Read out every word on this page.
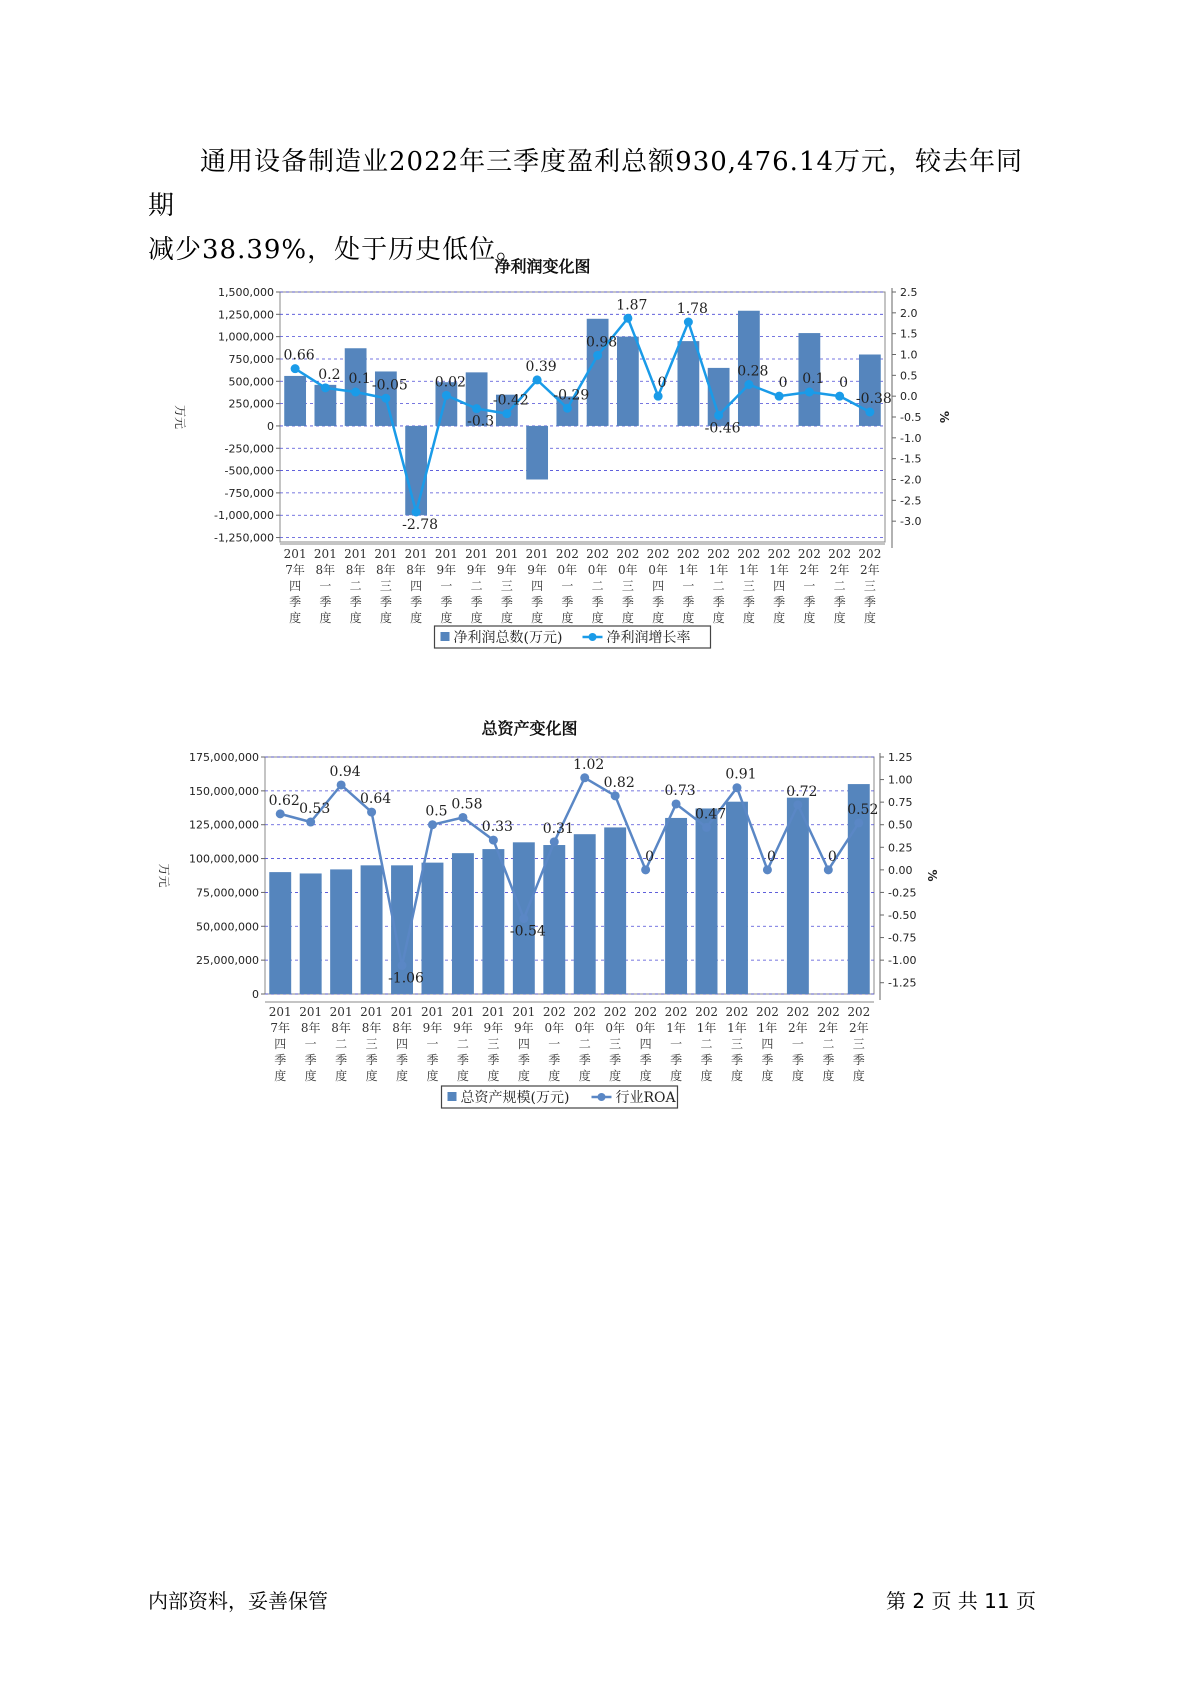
通用设备制造业2022年三季度盈利总额930,476.14万元，较去年同期

减少38.39%，处于历史低位。

净利润变化图
1,500,000
1,250,000
1,000,000
750,000
500,000
250,000
0
-250,000
-500,000
-750,000
-1,000,000
-1,250,000
2.5
2.0
1.5
1.0
0.5
0.0
-0.5
-1.0
-1.5
-2.0
-2.5
-3.0
万元	%
201 7年四季度
201 8年一季度
201 8年二季度
201 8年三季度
201 8年四季度
201 9年一季度
201 9年二季度
201 9年三季度
201 9年四季度
202 0年一季度
202 0年二季度
202 0年三季度
202 0年四季度
202 1年一季度
202 1年二季度
202 1年三季度
202 1年四季度
202 2年一季度
202 2年二季度
202 2年三季度
0.66
0.2 0.1 -0.05
-2.78
0.02
-0.3
-0.42
0.39
-0.29
0.98
1.87
0
1.78
-0.46
0.28
0 0.1 0
-0.38
净利润总数(万元)	净利润增长率
总资产变化图
175,000,000
150,000,000
125,000,000
100,000,000
75,000,000
50,000,000
25,000,000
0
1.25
1.00
0.75
0.50
0.25
0.00
-0.25
-0.50
-0.75
-1.00
-1.25
万元	%
201 7年四季度
201 8年一季度
201 8年二季度
201 8年三季度
201 8年四季度
201 9年一季度
201 9年二季度
201 9年三季度
201 9年四季度
202 0年一季度
202 0年二季度
202 0年三季度
202 0年四季度
202 1年一季度
202 1年二季度
202 1年三季度
202 1年四季度
202 2年一季度
202 2年二季度
202 2年三季度
0.62
0.53
0.94
0.64
-1.06
0.5 0.58
0.33
-0.54
0.31
1.02
0.82
0
0.73
0.47
0.91
0
0.72
0
0.52
总资产规模(万元)	行业ROA
内部资料，妥善保管	第 2 页 共 11 页
